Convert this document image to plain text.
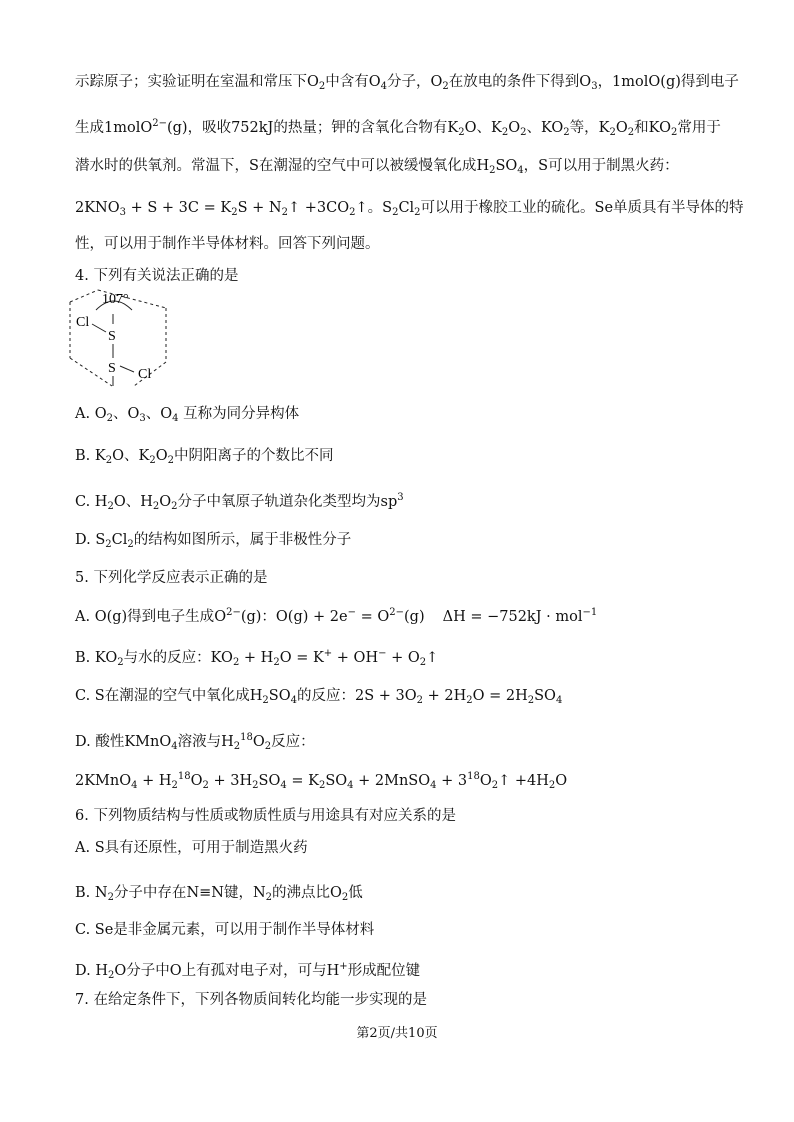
示踪原子；实验证明在室温和常压下$O_2$中含有$O_4$分子，$O_2$在放电的条件下得到$O_3$，1molO(g)得到电子
生成1molO$^{2-}$(g)，吸收752kJ的热量；钾的含氧化合物有$K_2O$、$K_2O_2$、$KO_2$等，$K_2O_2$和$KO_2$常用于
潜水时的供氧剂。常温下，S在潮湿的空气中可以被缓慢氧化成$H_2SO_4$，S可以用于制黑火药：
$2KNO_3 + S + 3C = K_2S$ + $N_2↑$ $+3CO_2↑$。$S_2Cl_2$可以用于橡胶工业的硫化。Se单质具有半导体的特
性，可以用于制作半导体材料。回答下列问题。
4. 下列有关说法正确的是
107°
Cl
S
S Cl
A. $O_2$、$O_3$、$O_4$ 互称为同分异构体
B. $K_2O$、$K_2O_2$中阴阳离子的个数比不同
C. $H_2O$、$H_2O_2$分子中氧原子轨道杂化类型均为$sp^3$
D. $S_2Cl_2$的结构如图所示，属于非极性分子
5. 下列化学反应表示正确的是
A. O(g)得到电子生成$O^{2-}(g)$：$O(g) + 2e^- = O^{2-}(g) \Delta H = -752kJ \cdot mol^{-1}$
B. $KO_2$与水的反应：$KO_2 + H_2O = K^+ + OH^-$ + $O_2↑$
C. S在潮湿的空气中氧化成$H_2SO_4$的反应：$2S + 3O_2 + 2H_2O = 2H_2SO_4$
D. 酸性KMnO$_4$溶液与$H_2^{18}O_2$反应：
2KMnO$_4$ + $H_2^{18}O_2 + 3H_2SO_4 = K_2SO_4$ + 2MnSO$_4$ + $3^{18}O_2↑ +4H_2O$
6. 下列物质结构与性质或物质性质与用途具有对应关系的是
A. S具有还原性，可用于制造黑火药
B. $N_2$分子中存在N≡N键，$N_2$的沸点比$O_2$低
C. Se是非金属元素，可以用于制作半导体材料
D. $H_2O$分子中O上有孤对电子对，可与H+形成配位键
7. 在给定条件下，下列各物质间转化均能一步实现的是
第2页/共10页
